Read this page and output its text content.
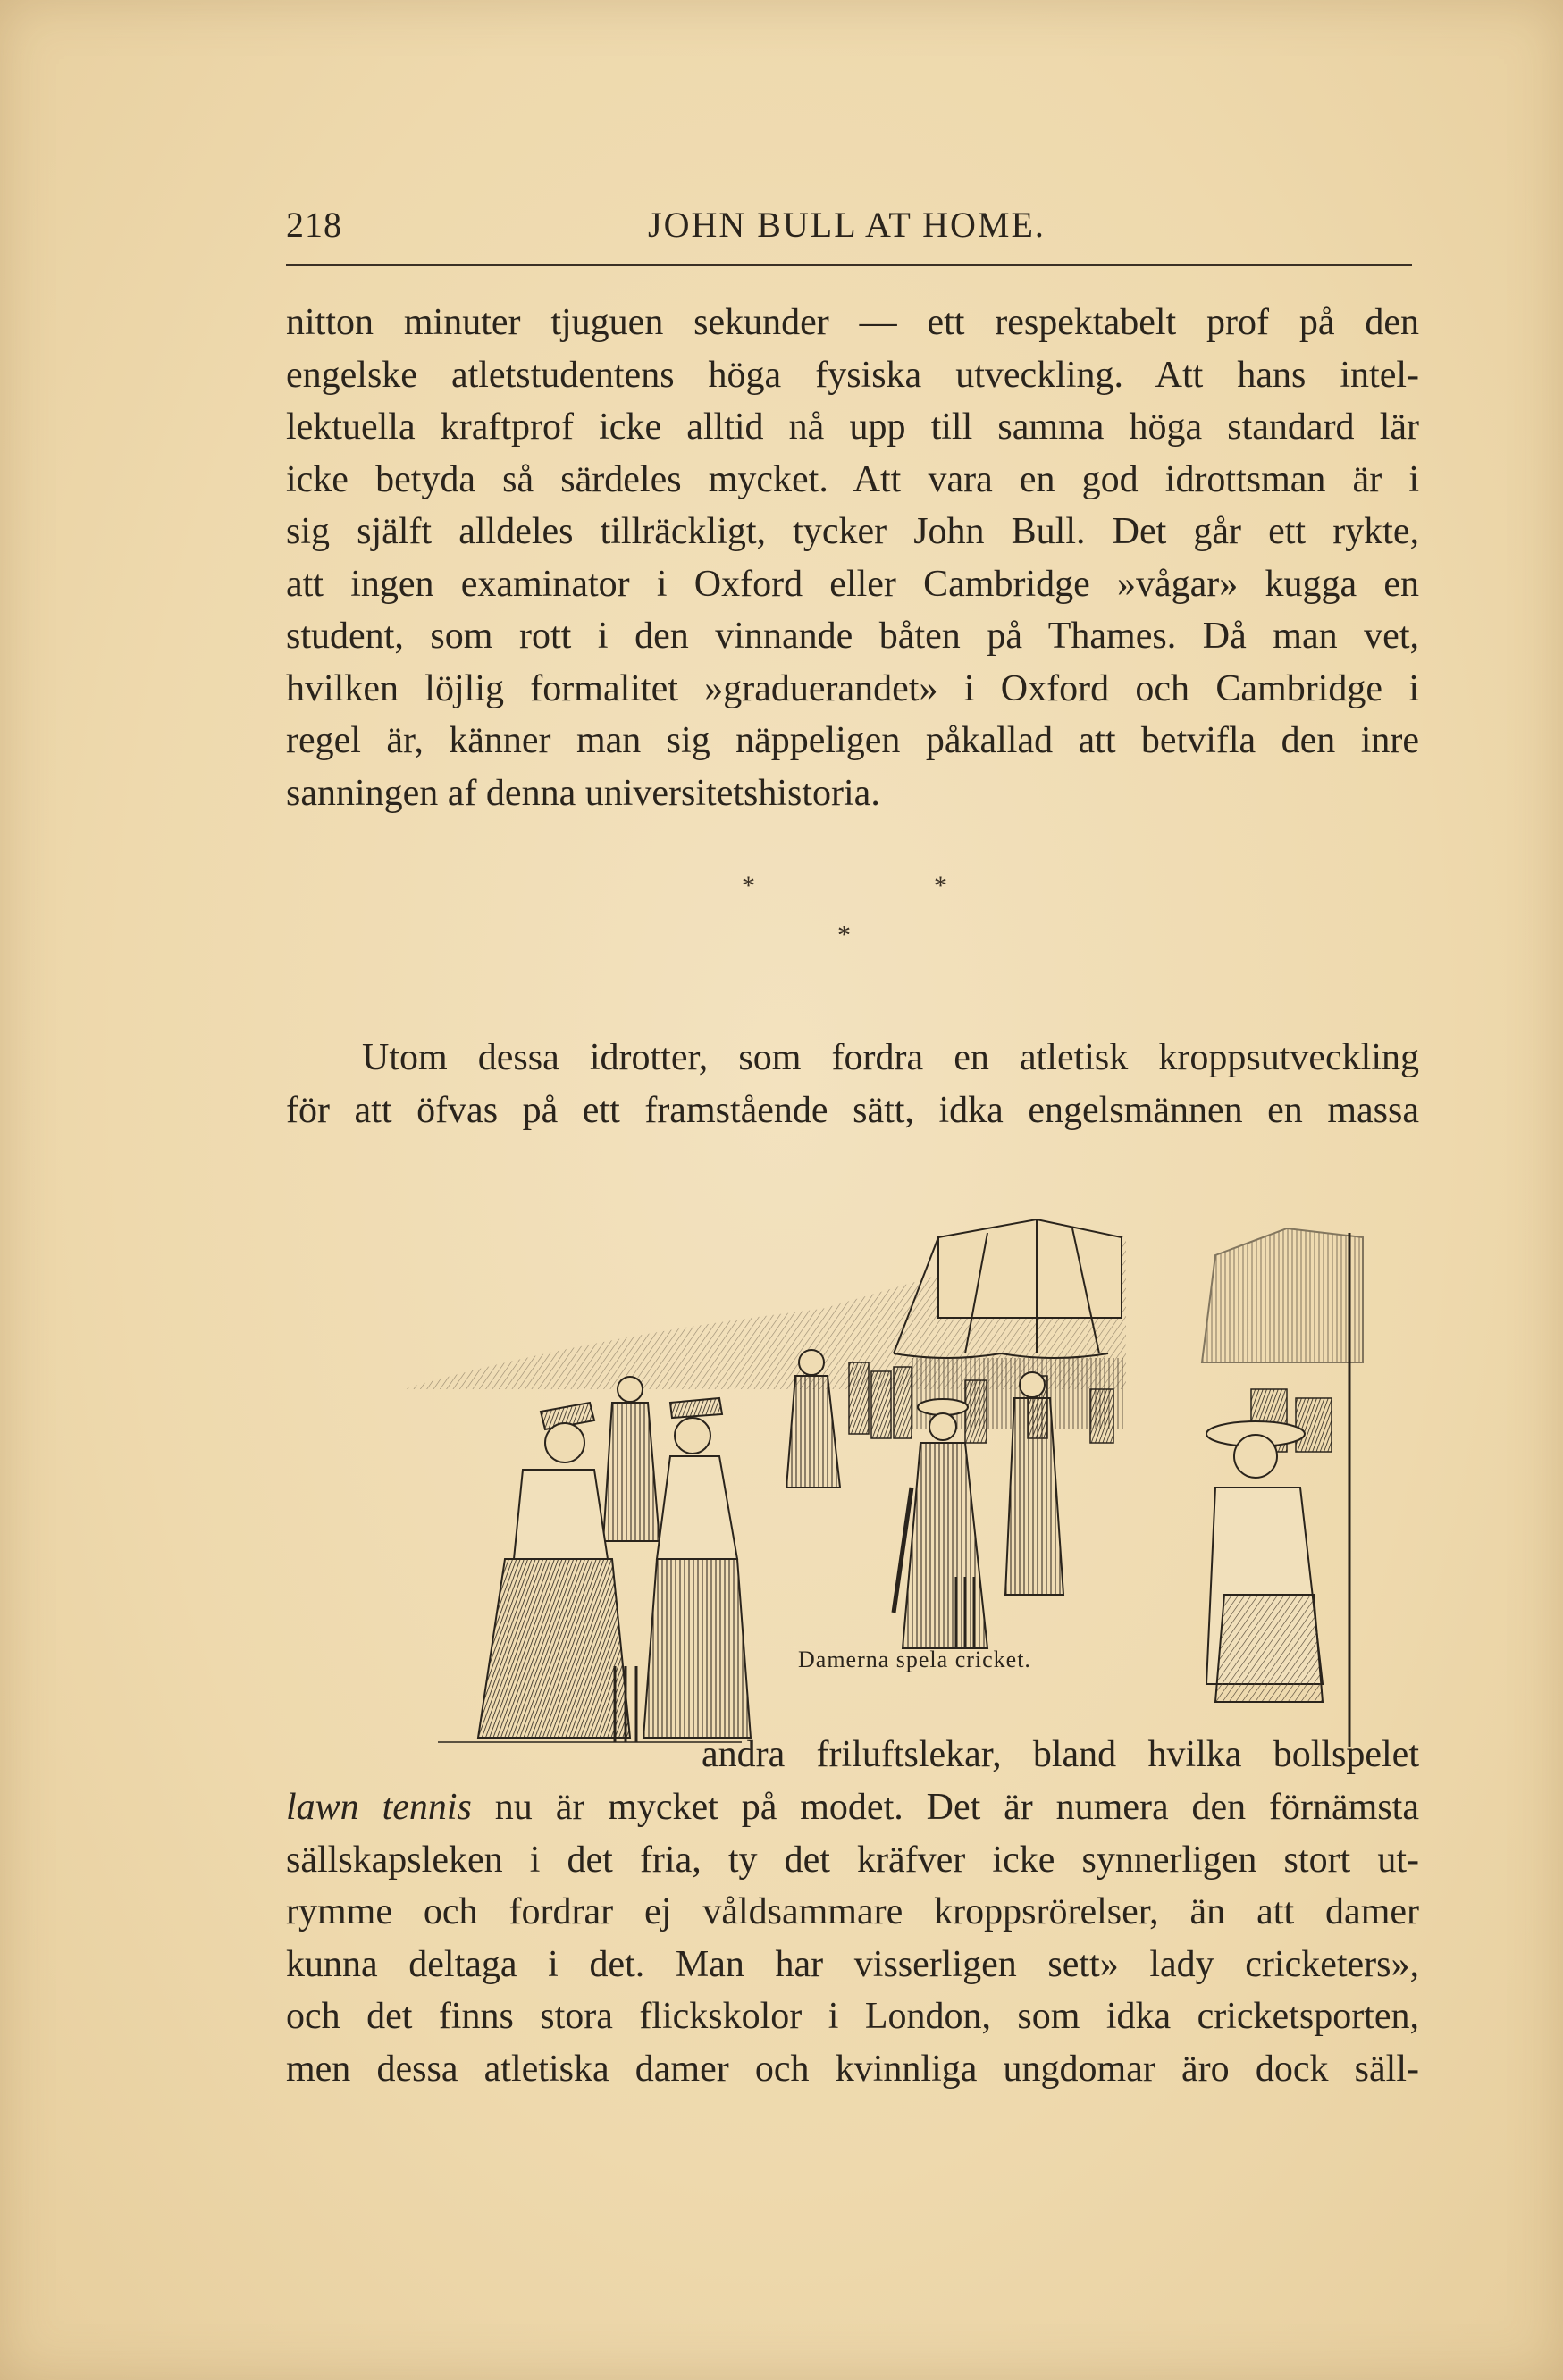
218	JOHN BULL AT HOME.
nitton minuter tjuguen sekunder — ett respektabelt prof på den
engelske atletstudentens höga fysiska utveckling. Att hans intel-
lektuella kraftprof icke alltid nå upp till samma höga standard lär
icke betyda så särdeles mycket. Att vara en god idrottsman är i
sig själft alldeles tillräckligt, tycker John Bull. Det går ett rykte,
att ingen examinator i Oxford eller Cambridge »vågar» kugga en
student, som rott i den vinnande båten på Thames. Då man vet,
hvilken löjlig formalitet »graduerandet» i Oxford och Cambridge i
regel är, känner man sig näppeligen påkallad att betvifla den inre
sanningen af denna universitetshistoria.
*	*
*
Utom dessa idrotter, som fordra en atletisk kroppsutveckling
för att öfvas på ett framstående sätt, idka engelsmännen en massa
Damerna spela cricket.
andra friluftslekar, bland hvilka bollspelet
lawn tennis nu är mycket på modet. Det är numera den förnämsta
sällskapsleken i det fria, ty det kräfver icke synnerligen stort ut-
rymme och fordrar ej våldsammare kroppsrörelser, än att damer
kunna deltaga i det. Man har visserligen sett» lady cricketers»,
och det finns stora flickskolor i London, som idka cricketsporten,
men dessa atletiska damer och kvinnliga ungdomar äro dock säll-
